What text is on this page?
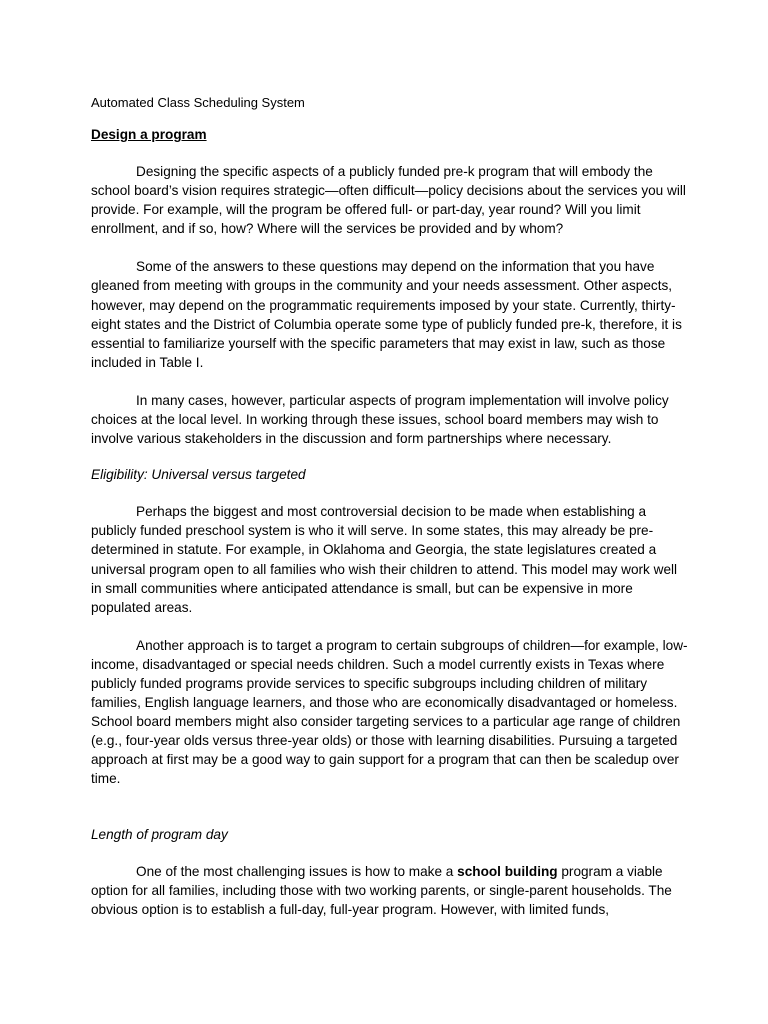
Automated Class Scheduling System

Design a program

Designing the specific aspects of a publicly funded pre-k program that will embody the school board’s vision requires strategic—often difficult—policy decisions about the services you will provide. For example, will the program be offered full- or part-day, year round? Will you limit enrollment, and if so, how? Where will the services be provided and by whom?

Some of the answers to these questions may depend on the information that you have gleaned from meeting with groups in the community and your needs assessment. Other aspects, however, may depend on the programmatic requirements imposed by your state. Currently, thirty-eight states and the District of Columbia operate some type of publicly funded pre-k, therefore, it is essential to familiarize yourself with the specific parameters that may exist in law, such as those included in Table I.

In many cases, however, particular aspects of program implementation will involve policy choices at the local level. In working through these issues, school board members may wish to involve various stakeholders in the discussion and form partnerships where necessary.

Eligibility: Universal versus targeted

Perhaps the biggest and most controversial decision to be made when establishing a publicly funded preschool system is who it will serve. In some states, this may already be pre-determined in statute. For example, in Oklahoma and Georgia, the state legislatures created a universal program open to all families who wish their children to attend. This model may work well in small communities where anticipated attendance is small, but can be expensive in more populated areas.

Another approach is to target a program to certain subgroups of children—for example, low-income, disadvantaged or special needs children. Such a model currently exists in Texas where publicly funded programs provide services to specific subgroups including children of military families, English language learners, and those who are economically disadvantaged or homeless. School board members might also consider targeting services to a particular age range of children (e.g., four-year olds versus three-year olds) or those with learning disabilities. Pursuing a targeted approach at first may be a good way to gain support for a program that can then be scaledup over time.

Length of program day

One of the most challenging issues is how to make a school building program a viable option for all families, including those with two working parents, or single-parent households. The obvious option is to establish a full-day, full-year program. However, with limited funds,
